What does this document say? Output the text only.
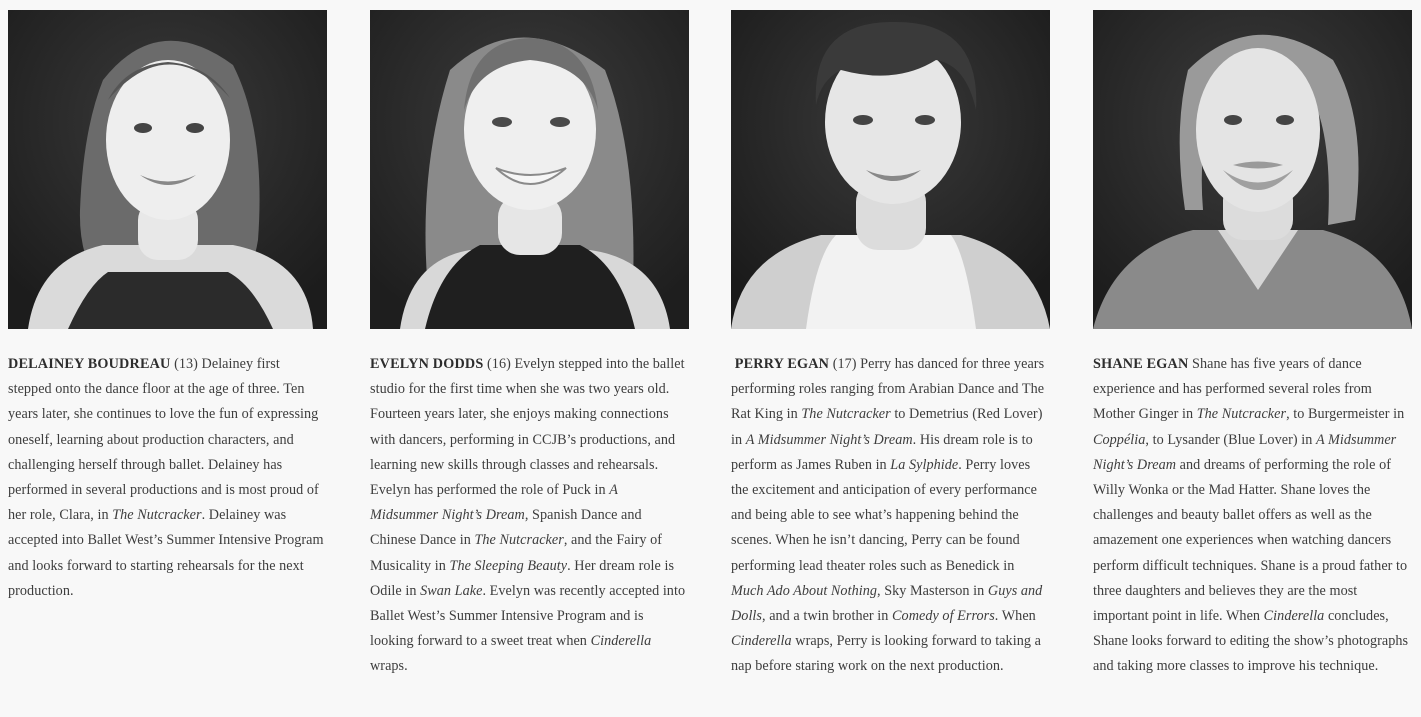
DELAINEY BOUDREAU (13) Delainey first stepped onto the dance floor at the age of three. Ten years later, she continues to love the fun of expressing oneself, learning about production characters, and challenging herself through ballet. Delainey has performed in several productions and is most proud of her role, Clara, in The Nutcracker. Delainey was accepted into Ballet West’s Summer Intensive Program and looks forward to starting rehearsals for the next production.
EVELYN DODDS (16) Evelyn stepped into the ballet studio for the first time when she was two years old. Fourteen years later, she enjoys making connections with dancers, performing in CCJB’s productions, and learning new skills through classes and rehearsals. Evelyn has performed the role of Puck in A Midsummer Night’s Dream, Spanish Dance and Chinese Dance in The Nutcracker, and the Fairy of Musicality in The Sleeping Beauty. Her dream role is Odile in Swan Lake. Evelyn was recently accepted into Ballet West’s Summer Intensive Program and is looking forward to a sweet treat when Cinderella wraps.
PERRY EGAN (17) Perry has danced for three years performing roles ranging from Arabian Dance and The Rat King in The Nutcracker to Demetrius (Red Lover) in A Midsummer Night’s Dream. His dream role is to perform as James Ruben in La Sylphide. Perry loves the excitement and anticipation of every performance and being able to see what’s happening behind the scenes. When he isn’t dancing, Perry can be found performing lead theater roles such as Benedick in Much Ado About Nothing, Sky Masterson in Guys and Dolls, and a twin brother in Comedy of Errors. When Cinderella wraps, Perry is looking forward to taking a nap before staring work on the next production.
SHANE EGAN Shane has five years of dance experience and has performed several roles from Mother Ginger in The Nutcracker, to Burgermeister in Coppélia, to Lysander (Blue Lover) in A Midsummer Night’s Dream and dreams of performing the role of Willy Wonka or the Mad Hatter. Shane loves the challenges and beauty ballet offers as well as the amazement one experiences when watching dancers perform difficult techniques. Shane is a proud father to three daughters and believes they are the most important point in life. When Cinderella concludes, Shane looks forward to editing the show’s photographs and taking more classes to improve his technique.
